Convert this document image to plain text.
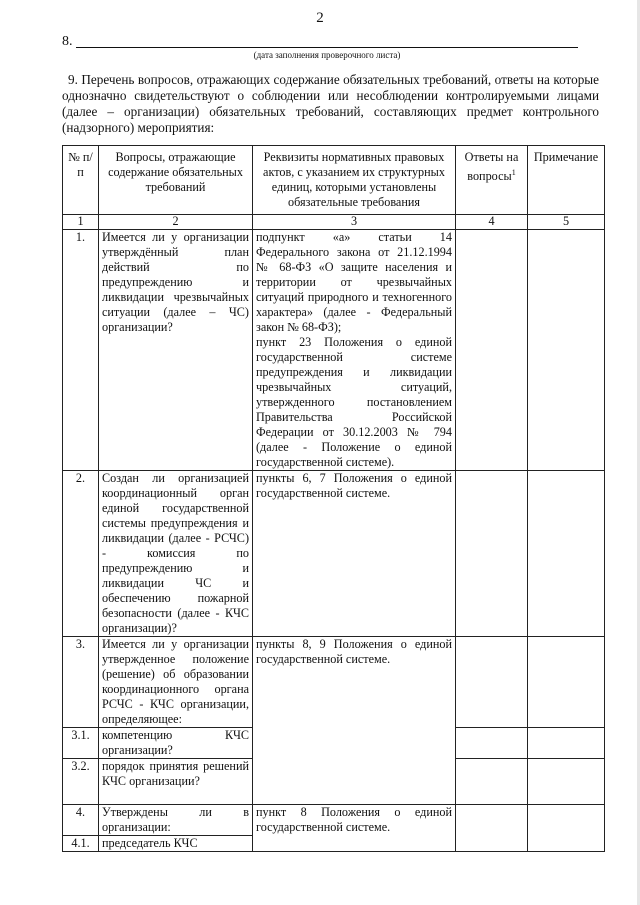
2
8.
(дата заполнения проверочного листа)

9. Перечень вопросов, отражающих содержание обязательных требований, ответы на которые однозначно свидетельствуют о соблюдении или несоблюдении контролируемыми лицами (далее – организации) обязательных требований, составляющих предмет контрольного (надзорного) мероприятия:

№ п/п	Вопросы, отражающие содержание обязательных требований	Реквизиты нормативных правовых актов, с указанием их структурных единиц, которыми установлены обязательные требования	Ответы на вопросы$^1$	Примечание
1	2	3	4	5
1.	Имеется ли у организации утверждённый план действий по предупреждению и ликвидации чрезвычайных ситуации (далее – ЧС) организации?	подпункт «а» статьи 14 Федерального закона от 21.12.1994 № 68-ФЗ «О защите населения и территории от чрезвычайных ситуаций природного и техногенного характера» (далее - Федеральный закон № 68-ФЗ);
пункт 23 Положения о единой государственной системе предупреждения и ликвидации чрезвычайных ситуаций, утвержденного постановлением Правительства Российской Федерации от 30.12.2003 № 794 (далее - Положение о единой государственной системе).		

2.	Создан ли организацией координационный орган единой государственной системы предупреждения и ликвидации (далее - РСЧС) - комиссия по предупреждению и ликвидации ЧС и обеспечению пожарной безопасности (далее - КЧС организации)?	пункты 6, 7 Положения о единой государственной системе.		
3.	Имеется ли у организации утвержденное положение (решение) об образовании координационного органа РСЧС - КЧС организации, определяющее:	пункты 8, 9 Положения о единой государственной системе.		
3.1.	компетенцию КЧС организации?			
3.2.	порядок принятия решений КЧС организации?			
4.	Утверждены ли в организации:	пункт 8 Положения о единой государственной системе.		
4.1.	председатель КЧС			
